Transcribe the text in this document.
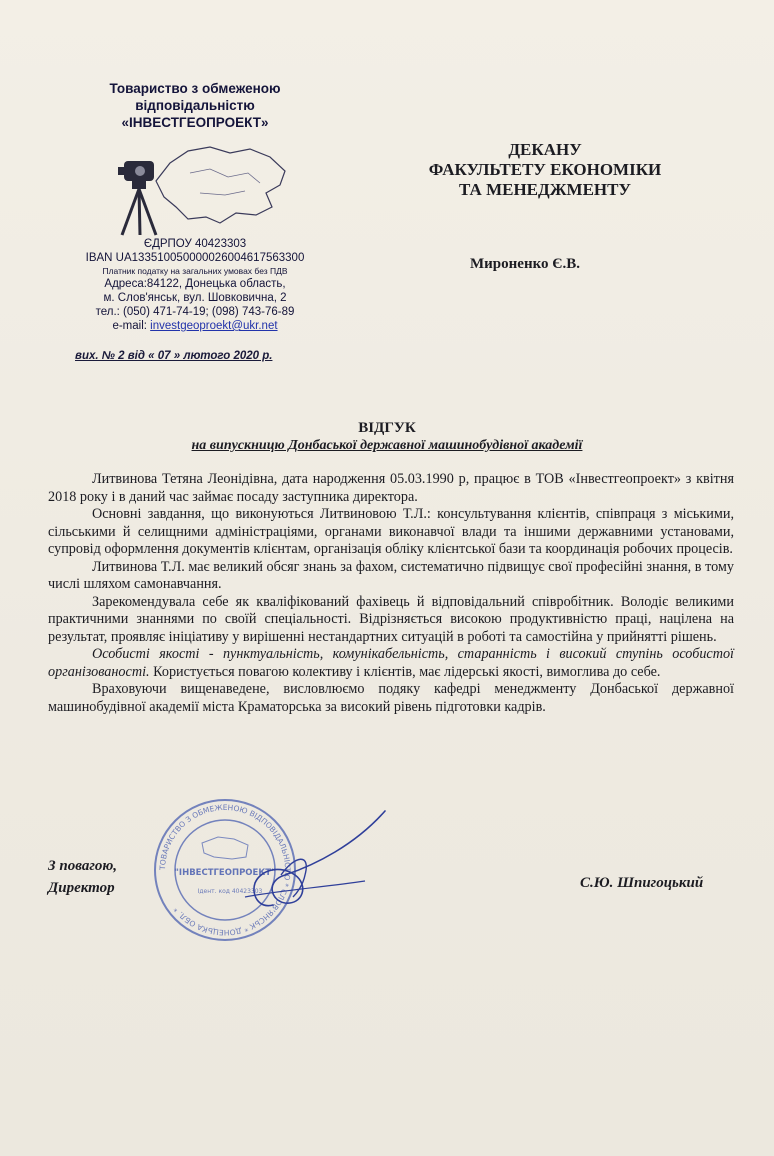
Товариство з обмеженою
відповідальністю
«ІНВЕСТГЕОПРОЕКТ»
ЄДРПОУ 40423303
IBAN UA133510050000026004617563300
Платник податку на загальних умовах без ПДВ
Адреса:84122, Донецька область,
м. Слов'янськ, вул. Шовковична, 2
тел.: (050) 471-74-19; (098) 743-76-89
e-mail: investgeoproekt@ukr.net
вих. № 2 від « 07 » лютого 2020 р.
ДЕКАНУ
ФАКУЛЬТЕТУ ЕКОНОМІКИ
ТА МЕНЕДЖМЕНТУ
Мироненко Є.В.
ВІДГУК
на випускницю Донбаської державної машинобудівної академії

Литвинова Тетяна Леонідівна, дата народження 05.03.1990 р, працює в ТОВ «Інвестгеопроект» з квітня 2018 року і в даний час займає посаду заступника директора.

Основні завдання, що виконуються Литвиновою Т.Л.: консультування клієнтів, співпраця з міськими, сільськими й селищними адміністраціями, органами виконавчої влади та іншими державними установами, супровід оформлення документів клієнтам, організація обліку клієнтської бази та координація робочих процесів.

Литвинова Т.Л. має великий обсяг знань за фахом, систематично підвищує свої професійні знання, в тому числі шляхом самонавчання.

Зарекомендувала себе як кваліфікований фахівець й відповідальний співробітник. Володіє великими практичними знаннями по своїй спеціальності. Відрізняється високою продуктивністю праці, націлена на результат, проявляє ініціативу у вирішенні нестандартних ситуацій в роботі та самостійна у прийнятті рішень.

Особисті якості - пунктуальність, комунікабельність, старанність і високий ступінь особистої організованості. Користується повагою колективу і клієнтів, має лідерські якості, вимоглива до себе.

Враховуючи вищенаведене, висловлюємо подяку кафедрі менеджменту Донбаської державної машинобудівної академії міста Краматорська за високий рівень підготовки кадрів.

ТОВАРИСТВО З ОБМЕЖЕНОЮ ВІДПОВІДАЛЬНІСТЮ * СЛОВ'ЯНСЬК * ДОНЕЦЬКА ОБЛ. *
"ІНВЕСТГЕОПРОЕКТ"
Ідент. код 40423303
З повагою,
Директор	С.Ю. Шпигоцький
